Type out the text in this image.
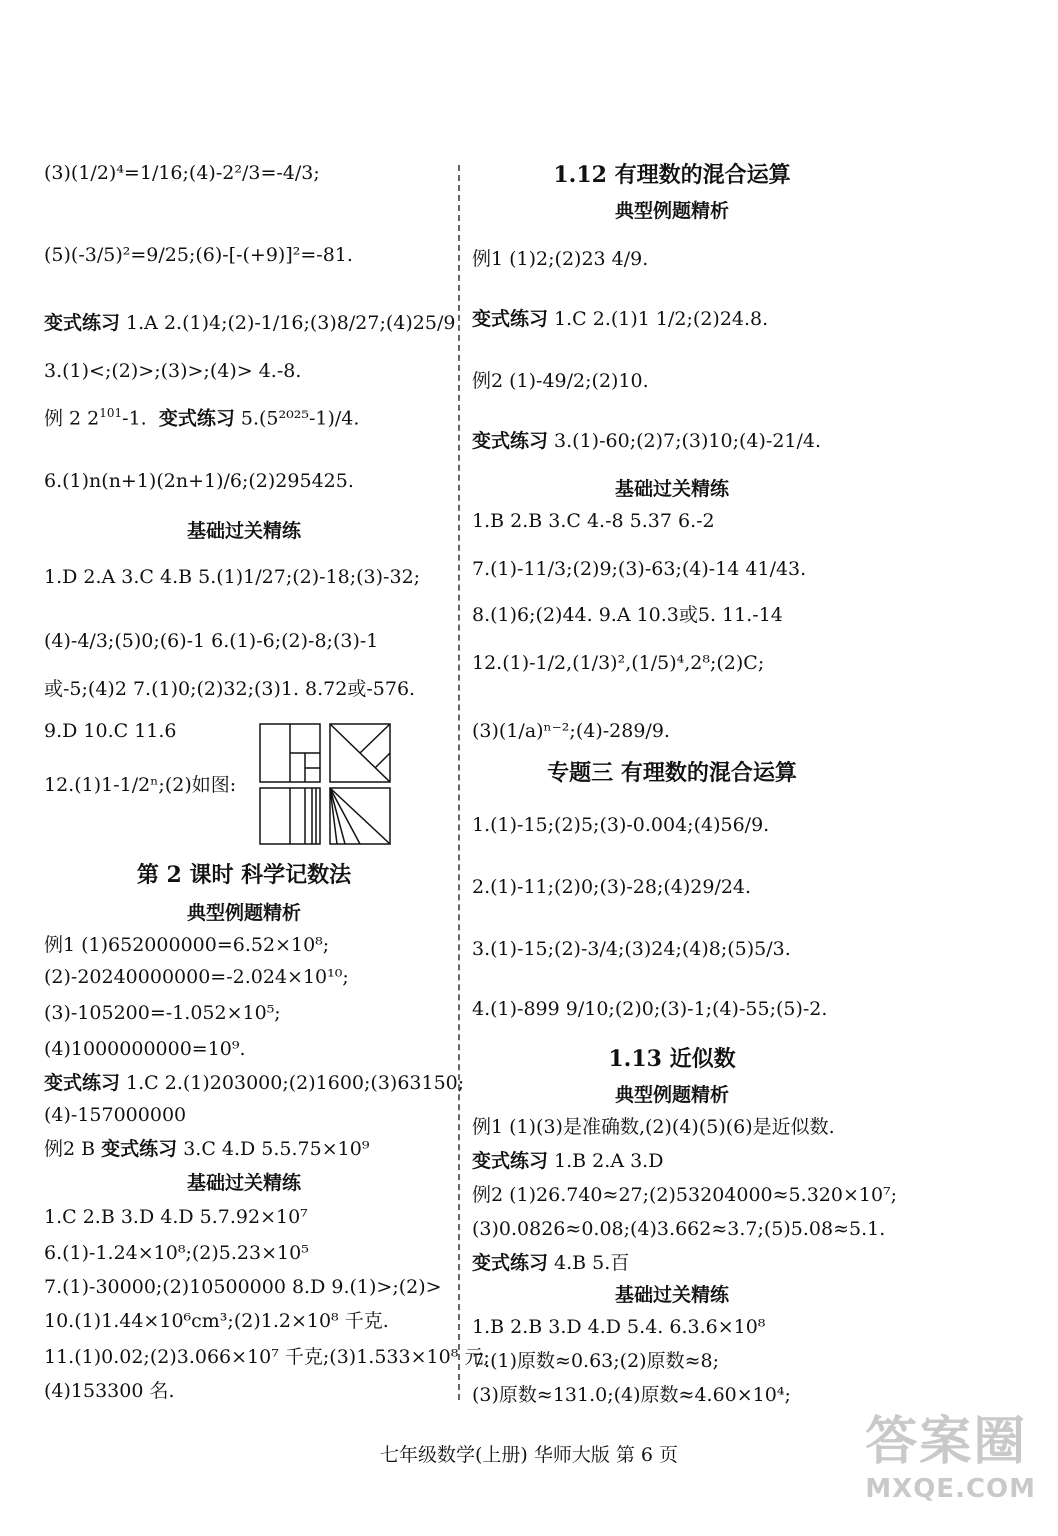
(3)(1/2)⁴=1/16;(4)-2²/3=-4/3;
(5)(-3/5)²=9/25;(6)-[-(+9)]²=-81.
变式练习 1.A 2.(1)4;(2)-1/16;(3)8/27;(4)25/9
3.(1)<;(2)>;(3)>;(4)> 4.-8.
例 2 $2^{101}-1$. 变式练习 5.(5²⁰²⁵-1)/4.
6.(1)n(n+1)(2n+1)/6;(2)295425.
基础过关精练
1.D 2.A 3.C 4.B 5.(1)1/27;(2)-18;(3)-32;
(4)-4/3;(5)0;(6)-1 6.(1)-6;(2)-8;(3)-1
或-5;(4)2 7.(1)0;(2)32;(3)1. 8.72或-576.
9.D 10.C 11.6
12.(1)1-1/2ⁿ;(2)如图:
第 2 课时 科学记数法
典型例题精析
例1 (1)652000000=6.52×10⁸;
(2)-20240000000=-2.024×10¹⁰;
(3)-105200=-1.052×10⁵;
(4)1000000000=10⁹.
变式练习 1.C 2.(1)203000;(2)1600;(3)63150;
(4)-157000000
例2 B 变式练习 3.C 4.D 5.5.75×10⁹
基础过关精练
1.C 2.B 3.D 4.D 5.7.92×10⁷
6.(1)-1.24×10⁸;(2)5.23×10⁵
7.(1)-30000;(2)10500000 8.D 9.(1)>;(2)>
10.(1)1.44×10⁶cm³;(2)1.2×10⁸ 千克.
11.(1)0.02;(2)3.066×10⁷ 千克;(3)1.533×10⁸ 元;
(4)153300 名.
1.12 有理数的混合运算
典型例题精析
例1 (1)2;(2)23 4/9.
变式练习 1.C 2.(1)1 1/2;(2)24.8.
例2 (1)-49/2;(2)10.
变式练习 3.(1)-60;(2)7;(3)10;(4)-21/4.
基础过关精练
1.B 2.B 3.C 4.-8 5.37 6.-2
7.(1)-11/3;(2)9;(3)-63;(4)-14 41/43.
8.(1)6;(2)44. 9.A 10.3或5. 11.-14
12.(1)-1/2,(1/3)²,(1/5)⁴,2⁸;(2)C;
(3)(1/a)ⁿ⁻²;(4)-289/9.
专题三 有理数的混合运算
1.(1)-15;(2)5;(3)-0.004;(4)56/9.
2.(1)-11;(2)0;(3)-28;(4)29/24.
3.(1)-15;(2)-3/4;(3)24;(4)8;(5)5/3.
4.(1)-899 9/10;(2)0;(3)-1;(4)-55;(5)-2.
1.13 近似数
典型例题精析
例1 (1)(3)是准确数,(2)(4)(5)(6)是近似数.
变式练习 1.B 2.A 3.D
例2 (1)26.740≈27;(2)53204000≈5.320×10⁷;
(3)0.0826≈0.08;(4)3.662≈3.7;(5)5.08≈5.1.
变式练习 4.B 5.百
基础过关精练
1.B 2.B 3.D 4.D 5.4. 6.3.6×10⁸
7.(1)原数≈0.63;(2)原数≈8;
(3)原数≈131.0;(4)原数≈4.60×10⁴;
七年级数学(上册) 华师大版 第 6 页	答案圈
MXQE.COM
